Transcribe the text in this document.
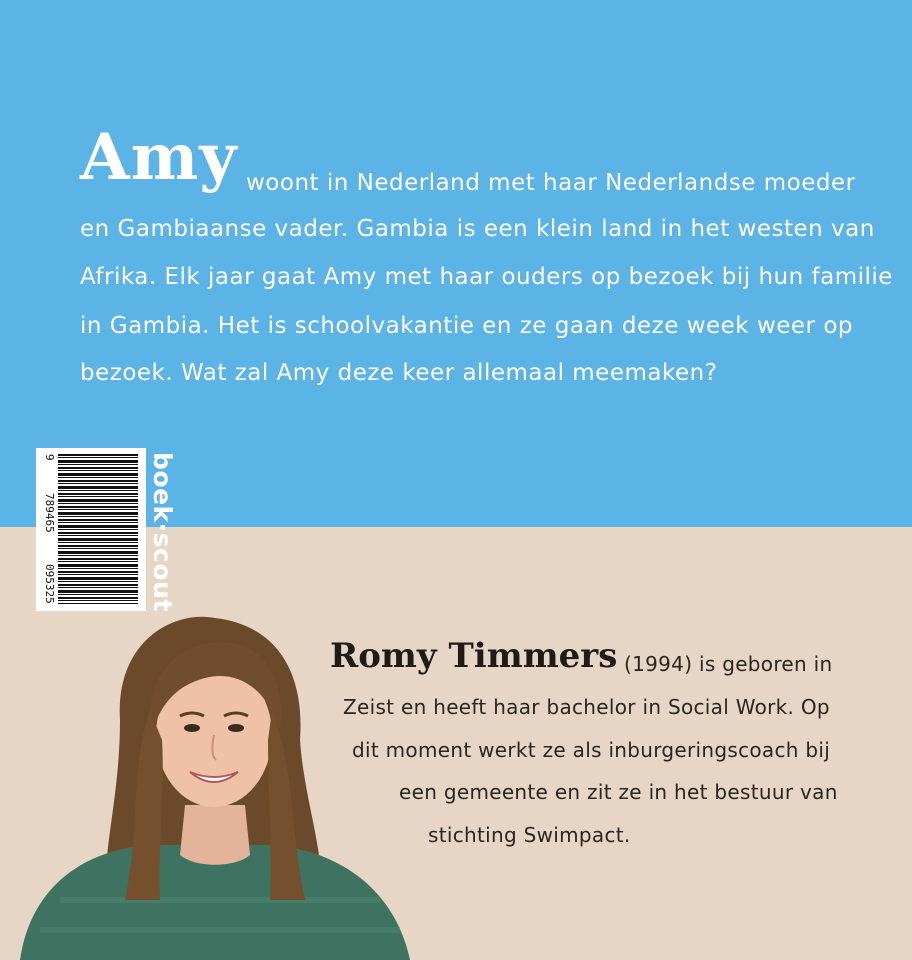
Amy woont in Nederland met haar Nederlandse moeder
en Gambiaanse vader. Gambia is een klein land in het westen van
Afrika. Elk jaar gaat Amy met haar ouders op bezoek bij hun familie
in Gambia. Het is schoolvakantie en ze gaan deze week weer op
bezoek. Wat zal Amy deze keer allemaal meemaken?
9
789465
095325	boek·scout
Romy Timmers (1994) is geboren in
Zeist en heeft haar bachelor in Social Work. Op
dit moment werkt ze als inburgeringscoach bij
een gemeente en zit ze in het bestuur van
stichting Swimpact.
